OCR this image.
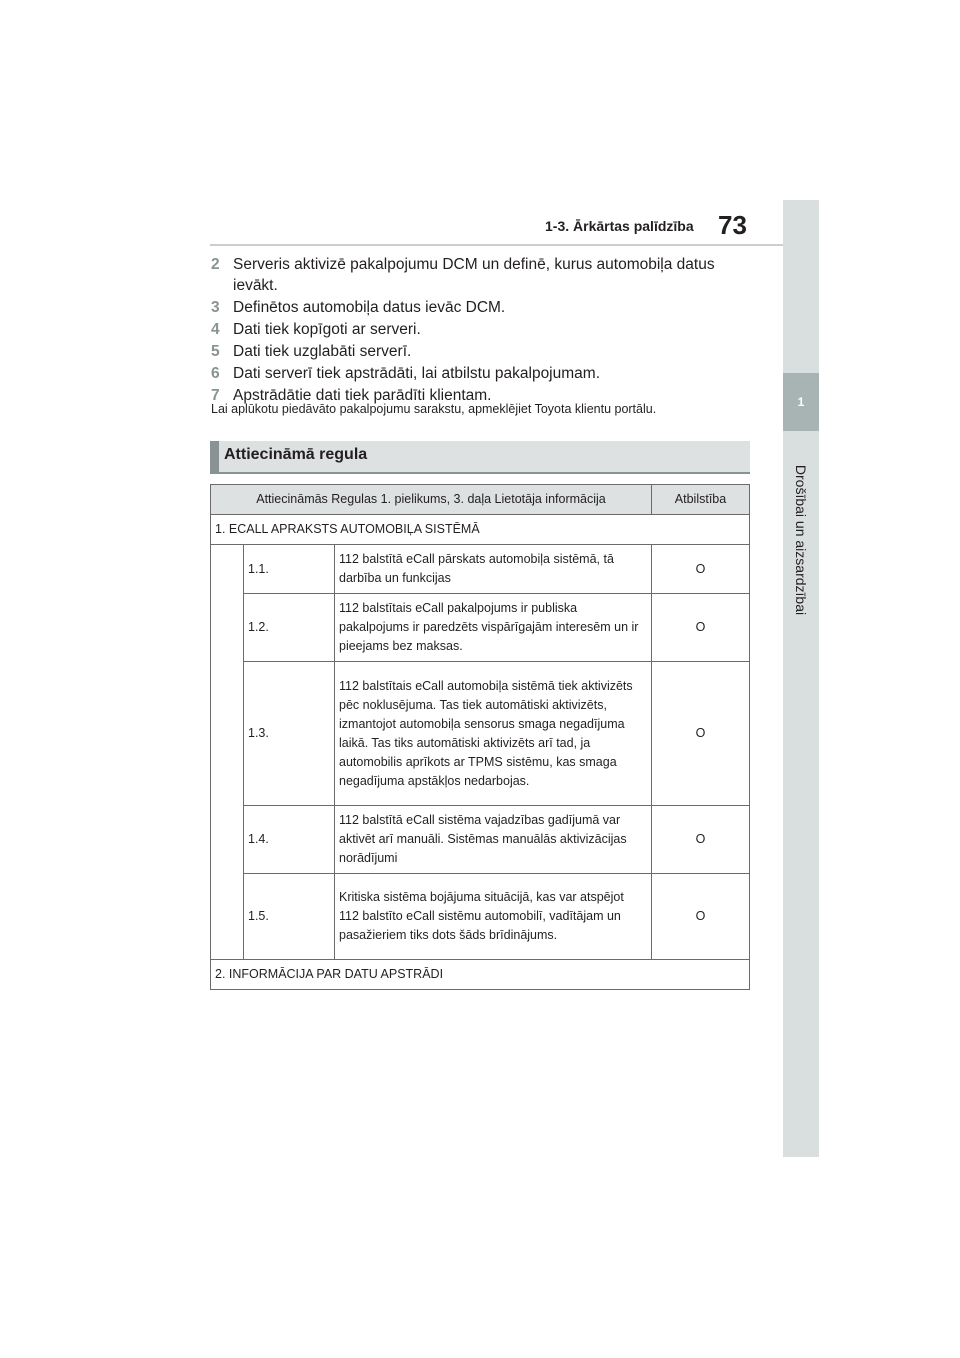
1
Drošībai un aizsardzībai
1-3. Ārkārtas palīdzība 73
2 Serveris aktivizē pakalpojumu DCM un definē, kurus automobiļa datus ievākt.
3 Definētos automobiļa datus ievāc DCM.
4 Dati tiek kopīgoti ar serveri.
5 Dati tiek uzglabāti serverī.
6 Dati serverī tiek apstrādāti, lai atbilstu pakalpojumam.
7 Apstrādātie dati tiek parādīti klientam.
Lai aplūkotu piedāvāto pakalpojumu sarakstu, apmeklējiet Toyota klientu portālu.
Attiecināmā regula
Attiecināmās Regulas 1. pielikums, 3. daļa Lietotāja informācija			Atbilstība
1. ECALL APRAKSTS AUTOMOBIĻA SISTĒMĀ			
	1.1.	112 balstītā eCall pārskats automobiļa sistēmā, tā darbība un funkcijas	O
	1.2.	112 balstītais eCall pakalpojums ir publiska pakalpojums ir paredzēts vispārīgajām interesēm un ir pieejams bez maksas.	O
	1.3.	112 balstītais eCall automobiļa sistēmā tiek aktivizēts pēc noklusējuma. Tas tiek automātiski aktivizēts, izmantojot automobiļa sensorus smaga negadījuma laikā. Tas tiks automātiski aktivizēts arī tad, ja automobilis aprīkots ar TPMS sistēmu, kas smaga negadījuma apstākļos nedarbojas.	O
	1.4.	112 balstītā eCall sistēma vajadzības gadījumā var aktivēt arī manuāli. Sistēmas manuālās aktivizācijas norādījumi	O
	1.5.	Kritiska sistēma bojājuma situācijā, kas var atspējot 112 balstīto eCall sistēmu automobilī, vadītājam un pasažieriem tiks dots šāds brīdinājums.	O
2. INFORMĀCIJA PAR DATU APSTRĀDI			
